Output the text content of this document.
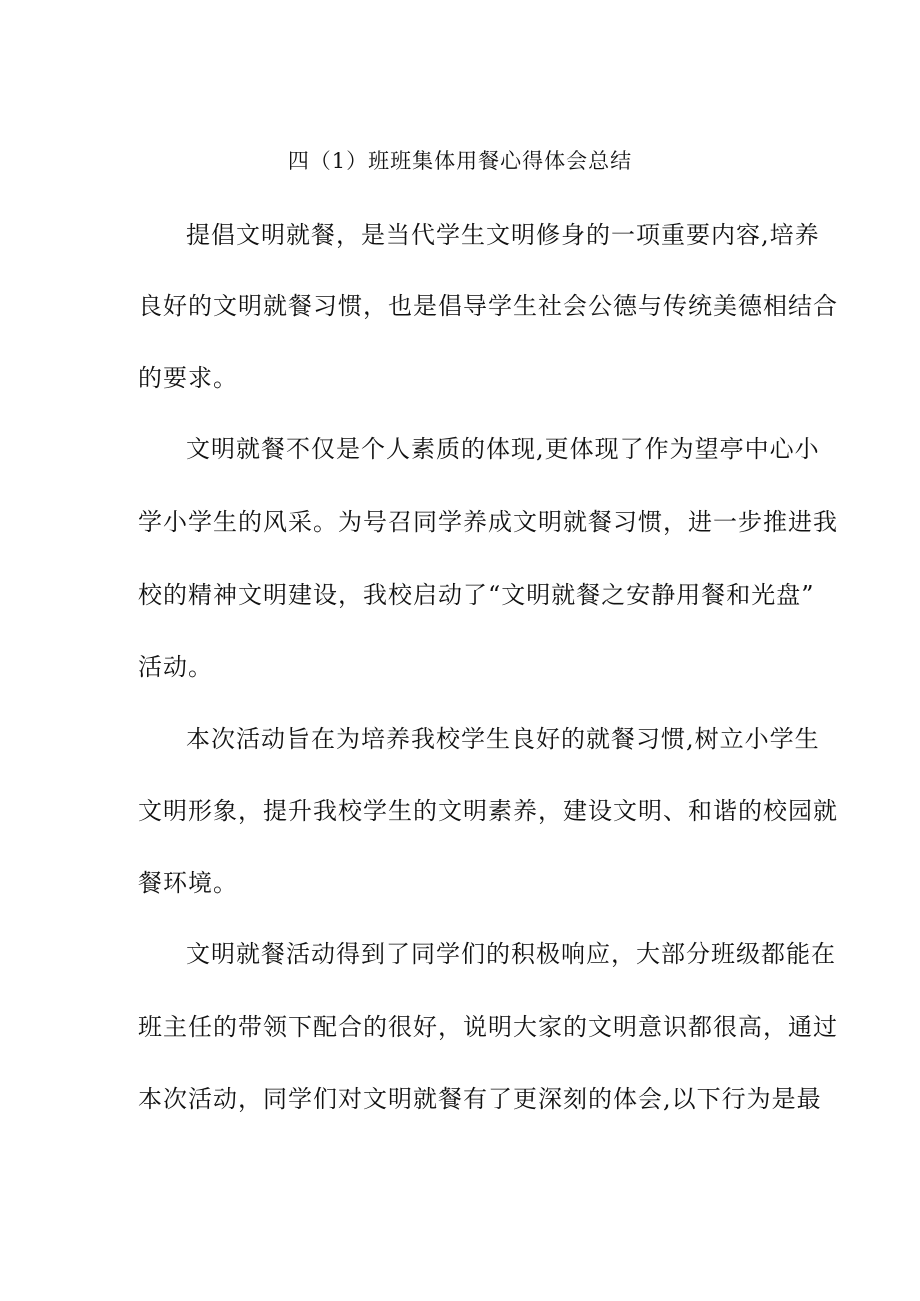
四（1）班班集体用餐心得体会总结
提倡文明就餐，是当代学生文明修身的一项重要内容,培养
良好的文明就餐习惯，也是倡导学生社会公德与传统美德相结合
的要求。
文明就餐不仅是个人素质的体现,更体现了作为望亭中心小
学小学生的风采。为号召同学养成文明就餐习惯，进一步推进我
校的精神文明建设，我校启动了“文明就餐之安静用餐和光盘”
活动。
本次活动旨在为培养我校学生良好的就餐习惯,树立小学生
文明形象，提升我校学生的文明素养，建设文明、和谐的校园就
餐环境。
文明就餐活动得到了同学们的积极响应，大部分班级都能在
班主任的带领下配合的很好，说明大家的文明意识都很高，通过
本次活动，同学们对文明就餐有了更深刻的体会,以下行为是最
